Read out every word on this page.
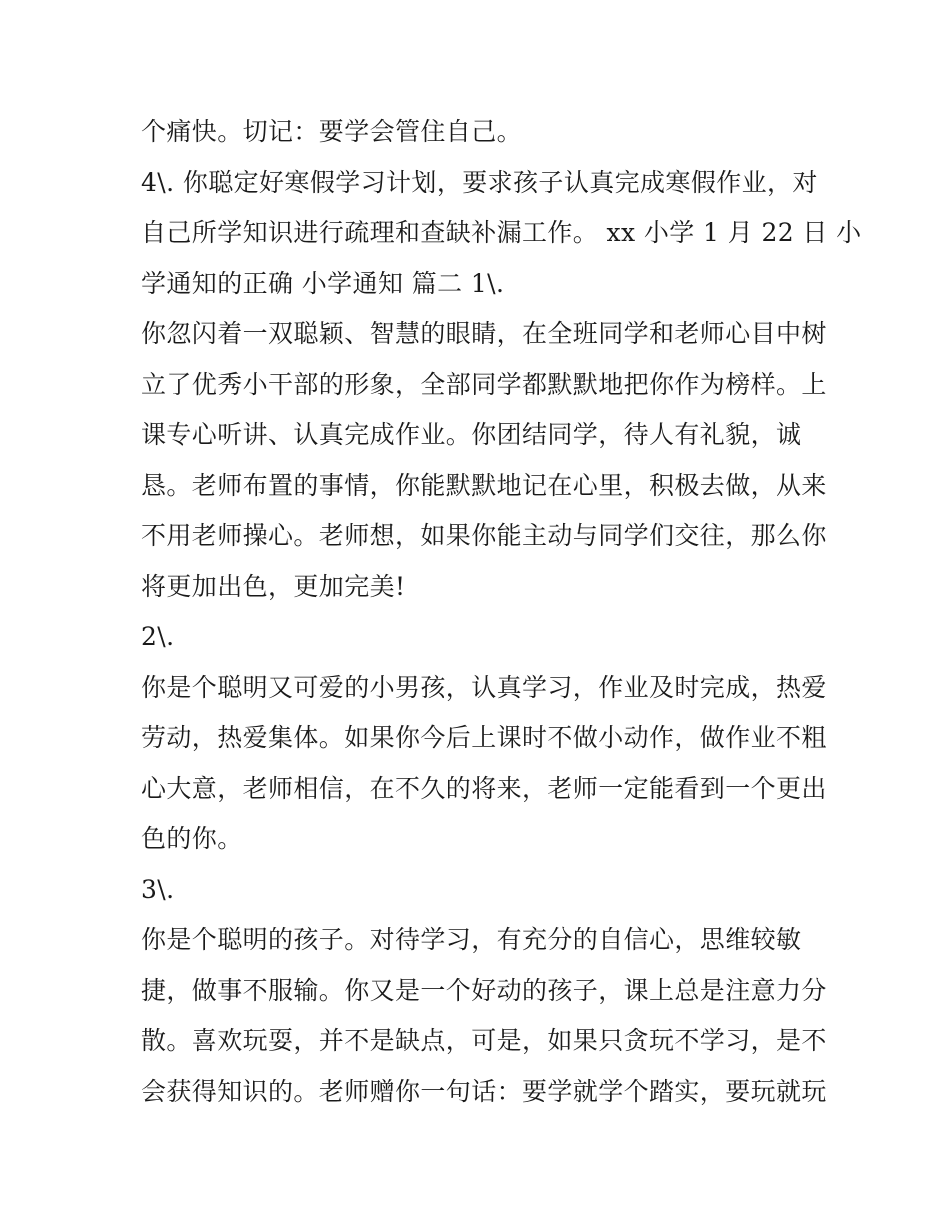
个痛快。切记：要学会管住自己。
4\. 你聪定好寒假学习计划，要求孩子认真完成寒假作业，对
自己所学知识进行疏理和查缺补漏工作。 xx 小学 1 月 22 日 小
学通知的正确 小学通知 篇二 1\.
你忽闪着一双聪颖、智慧的眼睛，在全班同学和老师心目中树
立了优秀小干部的形象，全部同学都默默地把你作为榜样。上
课专心听讲、认真完成作业。你团结同学，待人有礼貌，诚
恳。老师布置的事情，你能默默地记在心里，积极去做，从来
不用老师操心。老师想，如果你能主动与同学们交往，那么你
将更加出色，更加完美!
2\.
你是个聪明又可爱的小男孩，认真学习，作业及时完成，热爱
劳动，热爱集体。如果你今后上课时不做小动作，做作业不粗
心大意，老师相信，在不久的将来，老师一定能看到一个更出
色的你。
3\.
你是个聪明的孩子。对待学习，有充分的自信心，思维较敏
捷，做事不服输。你又是一个好动的孩子，课上总是注意力分
散。喜欢玩耍，并不是缺点，可是，如果只贪玩不学习，是不
会获得知识的。老师赠你一句话：要学就学个踏实，要玩就玩
